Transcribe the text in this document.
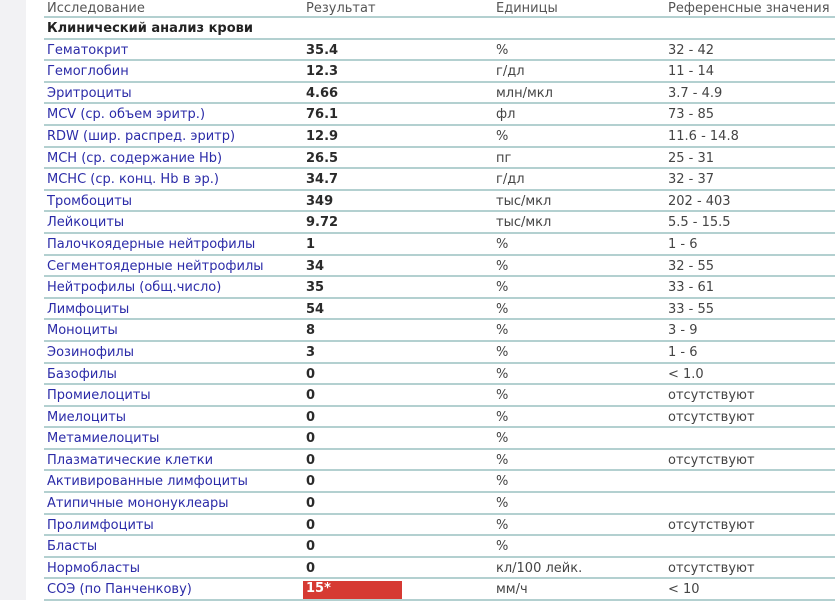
Исследование	Результат	Единицы	Референсные значения
Клинический анализ крови
Гематокрит	35.4	%	32 - 42
Гемоглобин	12.3	г/дл	11 - 14
Эритроциты	4.66	млн/мкл	3.7 - 4.9
MCV (ср. объем эритр.)	76.1	фл	73 - 85
RDW (шир. распред. эритр)	12.9	%	11.6 - 14.8
MCH (ср. содержание Hb)	26.5	пг	25 - 31
MCHC (ср. конц. Hb в эр.)	34.7	г/дл	32 - 37
Тромбоциты	349	тыс/мкл	202 - 403
Лейкоциты	9.72	тыс/мкл	5.5 - 15.5
Палочкоядерные нейтрофилы	1	%	1 - 6
Сегментоядерные нейтрофилы	34	%	32 - 55
Нейтрофилы (общ.число)	35	%	33 - 61
Лимфоциты	54	%	33 - 55
Моноциты	8	%	3 - 9
Эозинофилы	3	%	1 - 6
Базофилы	0	%	< 1.0
Промиелоциты	0	%	отсутствуют
Миелоциты	0	%	отсутствуют
Метамиелоциты	0	%
Плазматические клетки	0	%	отсутствуют
Активированные лимфоциты	0	%
Атипичные мононуклеары	0	%
Пролимфоциты	0	%	отсутствуют
Бласты	0	%
Нормобласты	0	кл/100 лейк.	отсутствуют
СОЭ (по Панченкову)	15*	мм/ч	< 10
